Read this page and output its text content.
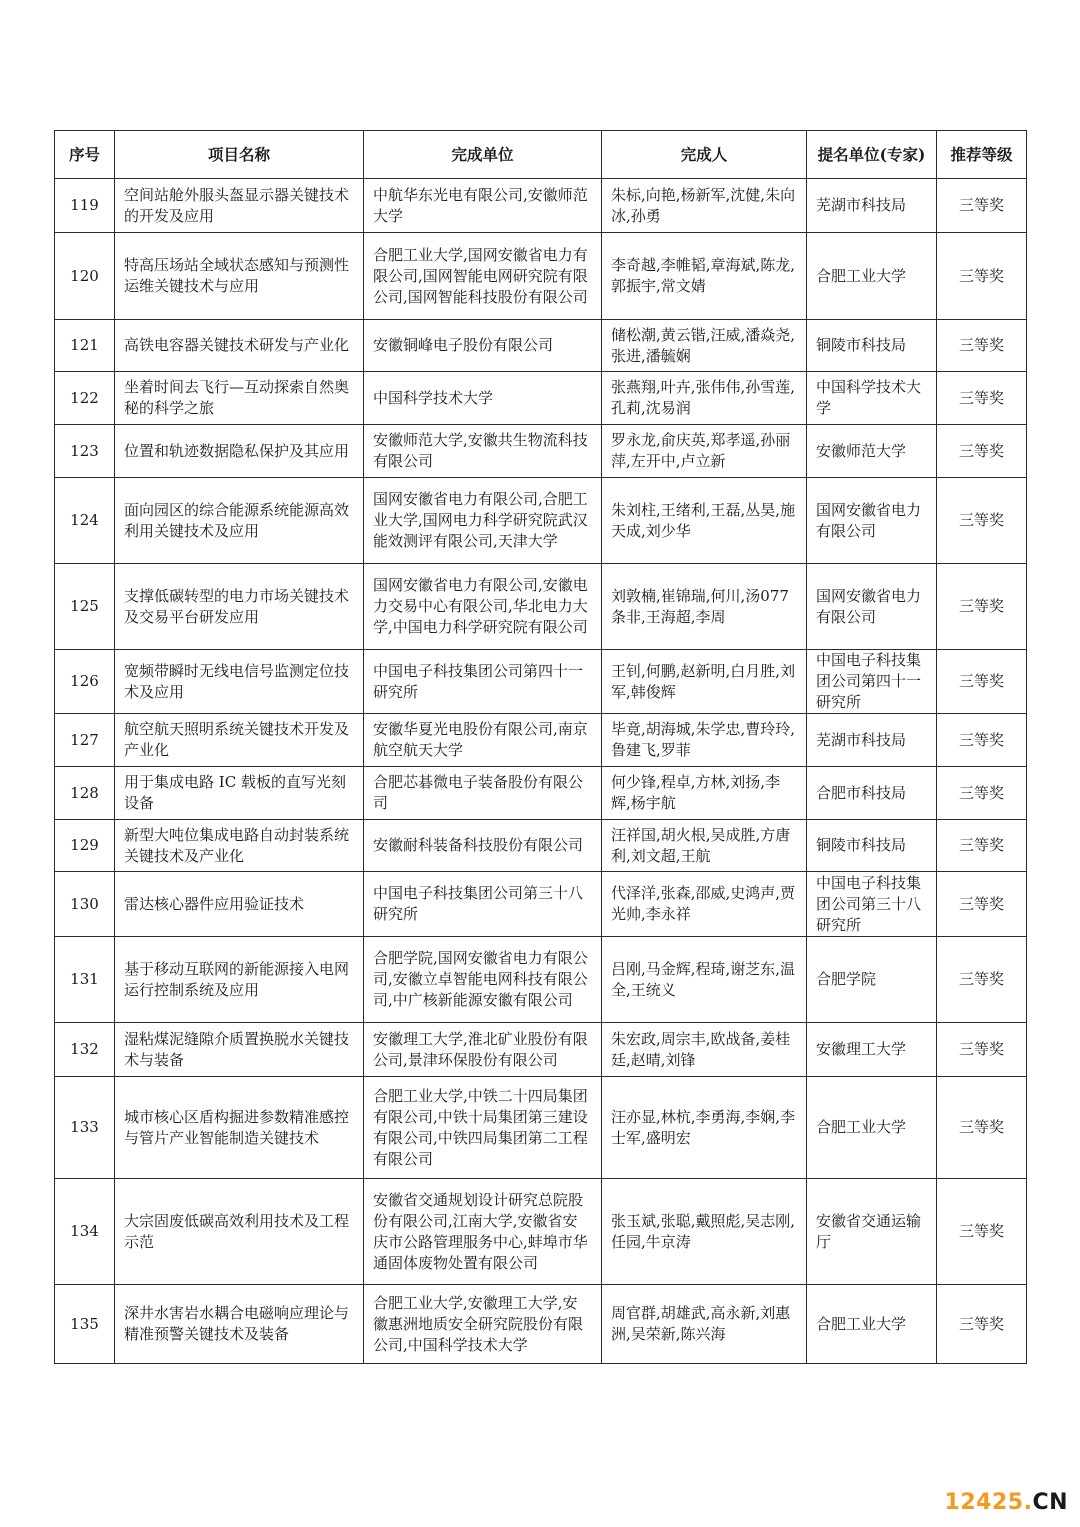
序号	项目名称	完成单位	完成人	提名单位(专家)	推荐等级
119	空间站舱外服头盔显示器关键技术的开发及应用	中航华东光电有限公司,安徽师范大学	朱标,向艳,杨新军,沈健,朱向冰,孙勇	芜湖市科技局	三等奖
120	特高压场站全域状态感知与预测性运维关键技术与应用	合肥工业大学,国网安徽省电力有限公司,国网智能电网研究院有限公司,国网智能科技股份有限公司	李奇越,李帷韬,章海斌,陈龙,郭振宇,常文婧	合肥工业大学	三等奖
121	高铁电容器关键技术研发与产业化	安徽铜峰电子股份有限公司	储松潮,黄云锴,汪威,潘焱尧,张进,潘毓娴	铜陵市科技局	三等奖
122	坐着时间去飞行—互动探索自然奥秘的科学之旅	中国科学技术大学	张燕翔,叶卉,张伟伟,孙雪莲,孔莉,沈易润	中国科学技术大学	三等奖
123	位置和轨迹数据隐私保护及其应用	安徽师范大学,安徽共生物流科技有限公司	罗永龙,俞庆英,郑孝遥,孙丽萍,左开中,卢立新	安徽师范大学	三等奖
124	面向园区的综合能源系统能源高效利用关键技术及应用	国网安徽省电力有限公司,合肥工业大学,国网电力科学研究院武汉能效测评有限公司,天津大学	朱刘柱,王绪利,王磊,丛昊,施天成,刘少华	国网安徽省电力有限公司	三等奖
125	支撑低碳转型的电力市场关键技术及交易平台研发应用	国网安徽省电力有限公司,安徽电力交易中心有限公司,华北电力大学,中国电力科学研究院有限公司	刘敦楠,崔锦瑞,何川,汤077条非,王海超,李周	国网安徽省电力有限公司	三等奖
126	宽频带瞬时无线电信号监测定位技术及应用	中国电子科技集团公司第四十一研究所	王钊,何鹏,赵新明,白月胜,刘军,韩俊辉	中国电子科技集团公司第四十一研究所	三等奖
127	航空航天照明系统关键技术开发及产业化	安徽华夏光电股份有限公司,南京航空航天大学	毕竟,胡海城,朱学忠,曹玲玲,鲁建飞,罗菲	芜湖市科技局	三等奖
128	用于集成电路 IC 载板的直写光刻设备	合肥芯碁微电子装备股份有限公司	何少锋,程卓,方林,刘扬,李辉,杨宇航	合肥市科技局	三等奖
129	新型大吨位集成电路自动封装系统关键技术及产业化	安徽耐科装备科技股份有限公司	汪祥国,胡火根,吴成胜,方唐利,刘文超,王航	铜陵市科技局	三等奖
130	雷达核心器件应用验证技术	中国电子科技集团公司第三十八研究所	代泽洋,张森,邵威,史鸿声,贾光帅,李永祥	中国电子科技集团公司第三十八研究所	三等奖
131	基于移动互联网的新能源接入电网运行控制系统及应用	合肥学院,国网安徽省电力有限公司,安徽立卓智能电网科技有限公司,中广核新能源安徽有限公司	吕刚,马金辉,程琦,谢芝东,温全,王统义	合肥学院	三等奖
132	湿粘煤泥缝隙介质置换脱水关键技术与装备	安徽理工大学,淮北矿业股份有限公司,景津环保股份有限公司	朱宏政,周宗丰,欧战备,姜桂廷,赵晴,刘锋	安徽理工大学	三等奖
133	城市核心区盾构掘进参数精准感控与管片产业智能制造关键技术	合肥工业大学,中铁二十四局集团有限公司,中铁十局集团第三建设有限公司,中铁四局集团第二工程有限公司	汪亦显,林杭,李勇海,李娴,李士军,盛明宏	合肥工业大学	三等奖
134	大宗固废低碳高效利用技术及工程示范	安徽省交通规划设计研究总院股份有限公司,江南大学,安徽省安庆市公路管理服务中心,蚌埠市华通固体废物处置有限公司	张玉斌,张聪,戴照彪,吴志刚,任园,牛京涛	安徽省交通运输厅	三等奖
135	深井水害岩水耦合电磁响应理论与精准预警关键技术及装备	合肥工业大学,安徽理工大学,安徽惠洲地质安全研究院股份有限公司,中国科学技术大学	周官群,胡雄武,高永新,刘惠洲,吴荣新,陈兴海	合肥工业大学	三等奖
12425.CN
